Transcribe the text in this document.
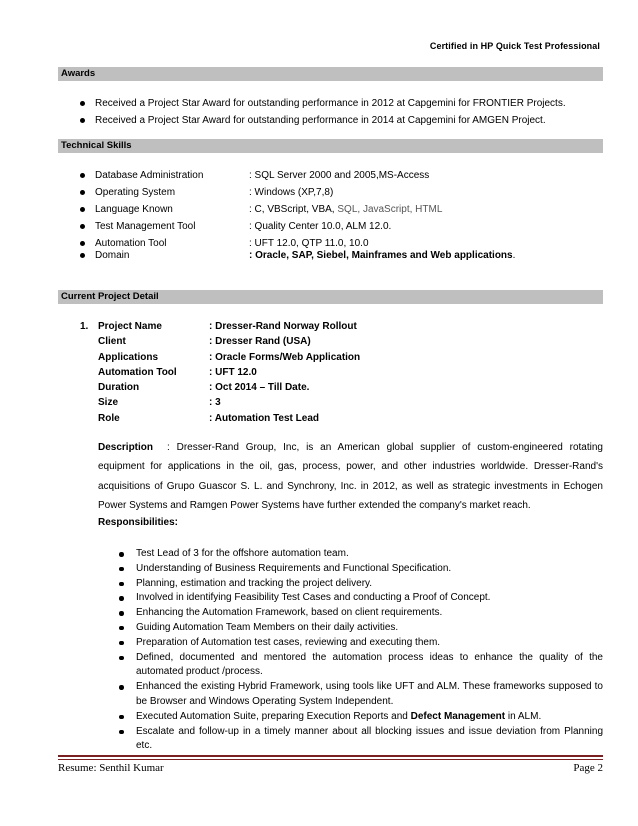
Certified in HP Quick Test Professional
Awards
Received a Project Star Award for outstanding performance in 2012 at Capgemini for FRONTIER Projects.
Received a Project Star Award for outstanding performance in 2014 at Capgemini for AMGEN Project.
Technical Skills
Database Administration	: SQL Server 2000 and 2005,MS-Access
Operating System	: Windows (XP,7,8)
Language Known	: C, VBScript, VBA, SQL, JavaScript, HTML
Test Management Tool	: Quality Center 10.0, ALM 12.0.
Automation Tool	: UFT 12.0, QTP 11.0, 10.0
Domain	: Oracle, SAP, Siebel, Mainframes and Web applications.
Current Project Detail
1. Project Name	: Dresser-Rand Norway Rollout
Client	: Dresser Rand (USA)
Applications	: Oracle Forms/Web Application
Automation Tool	: UFT 12.0
Duration	: Oct 2014 – Till Date.
Size	: 3
Role	: Automation Test Lead
Description : Dresser-Rand Group, Inc, is an American global supplier of custom-engineered rotating equipment for applications in the oil, gas, process, power, and other industries worldwide. Dresser-Rand's acquisitions of Grupo Guascor S. L. and Synchrony, Inc. in 2012, as well as strategic investments in Echogen Power Systems and Ramgen Power Systems have further extended the company's market reach.
Responsibilities:
Test Lead of 3 for the offshore automation team.
Understanding of Business Requirements and Functional Specification.
Planning, estimation and tracking the project delivery.
Involved in identifying Feasibility Test Cases and conducting a Proof of Concept.
Enhancing the Automation Framework, based on client requirements.
Guiding Automation Team Members on their daily activities.
Preparation of Automation test cases, reviewing and executing them.
Defined, documented and mentored the automation process ideas to enhance the quality of the automated product /process.
Enhanced the existing Hybrid Framework, using tools like UFT and ALM. These frameworks supposed to be Browser and Windows Operating System Independent.
Executed Automation Suite, preparing Execution Reports and Defect Management in ALM.
Escalate and follow-up in a timely manner about all blocking issues and issue deviation from Planning etc.
Resume: Senthil Kumar	Page 2
